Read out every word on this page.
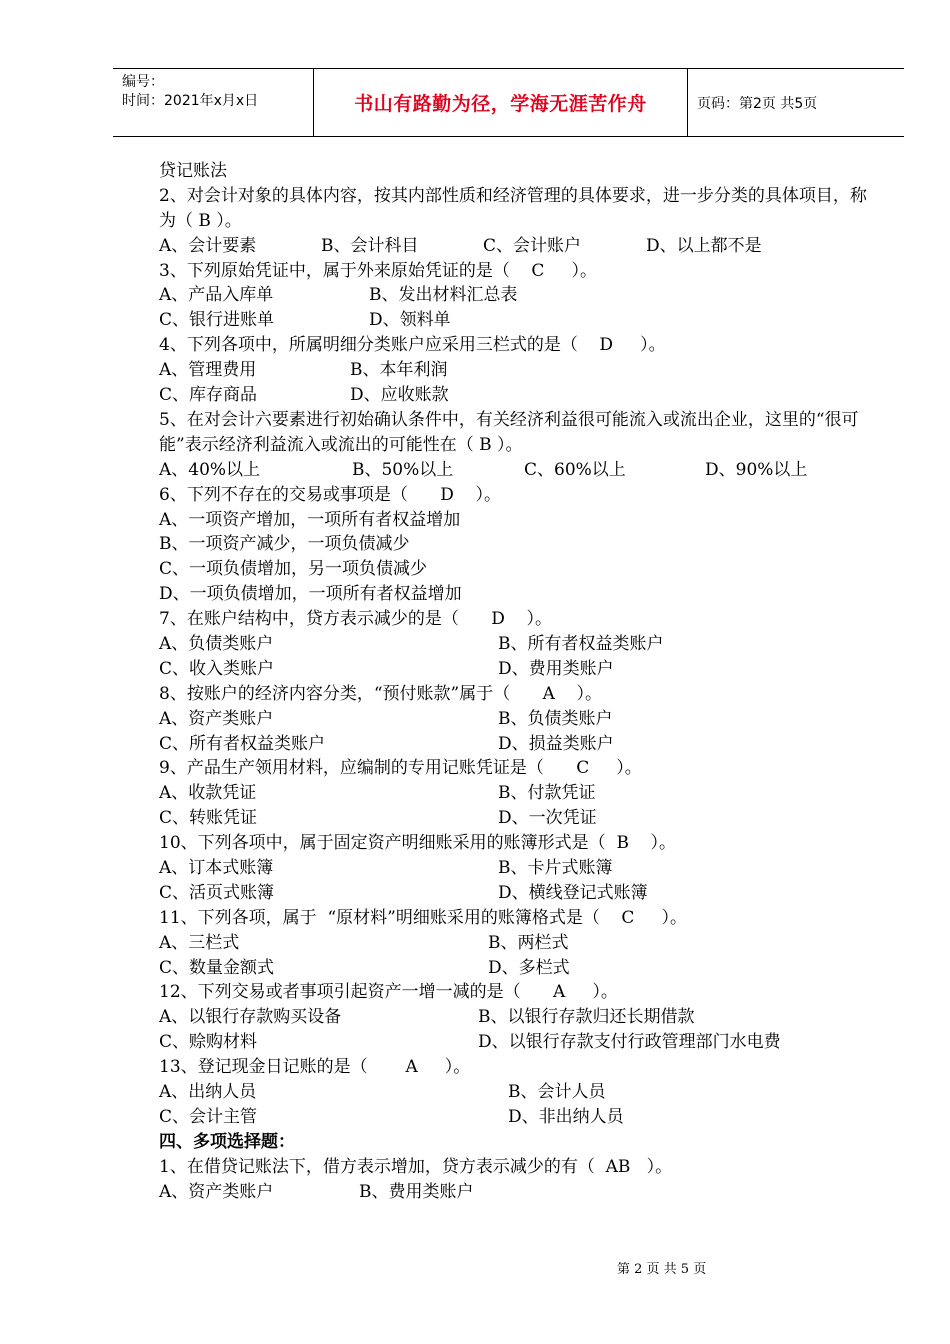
编号：
时间：2021年x月x日	书山有路勤为径，学海无涯苦作舟	页码：第2页 共5页
贷记账法
2、对会计对象的具体内容，按其内部性质和经济管理的具体要求，进一步分类的具体项目，称为（ B ）。
A、会计要素	B、会计科目	C、会计账户	D、以上都不是
3、下列原始凭证中，属于外来原始凭证的是（    C     ）。
A、产品入库单	B、发出材料汇总表
C、银行进账单	D、领料单
4、下列各项中，所属明细分类账户应采用三栏式的是（    D     ）。
A、管理费用	B、本年利润
C、库存商品	D、应收账款
5、在对会计六要素进行初始确认条件中，有关经济利益很可能流入或流出企业，这里的“很可能”表示经济利益流入或流出的可能性在（ B ）。
A、40%以上	B、50%以上	C、60%以上	D、90%以上
6、下列不存在的交易或事项是（      D    ）。
A、一项资产增加，一项所有者权益增加
B、一项资产减少，一项负债减少
C、一项负债增加，另一项负债减少
D、一项负债增加，一项所有者权益增加
7、在账户结构中，贷方表示减少的是（      D    ）。
A、负债类账户	B、所有者权益类账户
C、收入类账户	D、费用类账户
8、按账户的经济内容分类，“预付账款”属于（      A    ）。
A、资产类账户	B、负债类账户
C、所有者权益类账户	D、损益类账户
9、产品生产领用材料，应编制的专用记账凭证是（      C     ）。
A、收款凭证	B、付款凭证
C、转账凭证	D、一次凭证
10、下列各项中，属于固定资产明细账采用的账簿形式是（  B    ）。
A、订本式账簿	B、卡片式账簿
C、活页式账簿	D、横线登记式账簿
11、下列各项，属于  “原材料”明细账采用的账簿格式是（    C     ）。
A、三栏式	B、两栏式
C、数量金额式	D、多栏式
12、下列交易或者事项引起资产一增一减的是（      A     ）。
A、以银行存款购买设备	B、以银行存款归还长期借款
C、赊购材料	D、以银行存款支付行政管理部门水电费
13、登记现金日记账的是（       A     ）。
A、出纳人员	B、会计人员
C、会计主管	D、非出纳人员
四、多项选择题：
1、在借贷记账法下，借方表示增加，贷方表示减少的有（  AB   ）。
A、资产类账户	B、费用类账户
第 2 页 共 5 页
